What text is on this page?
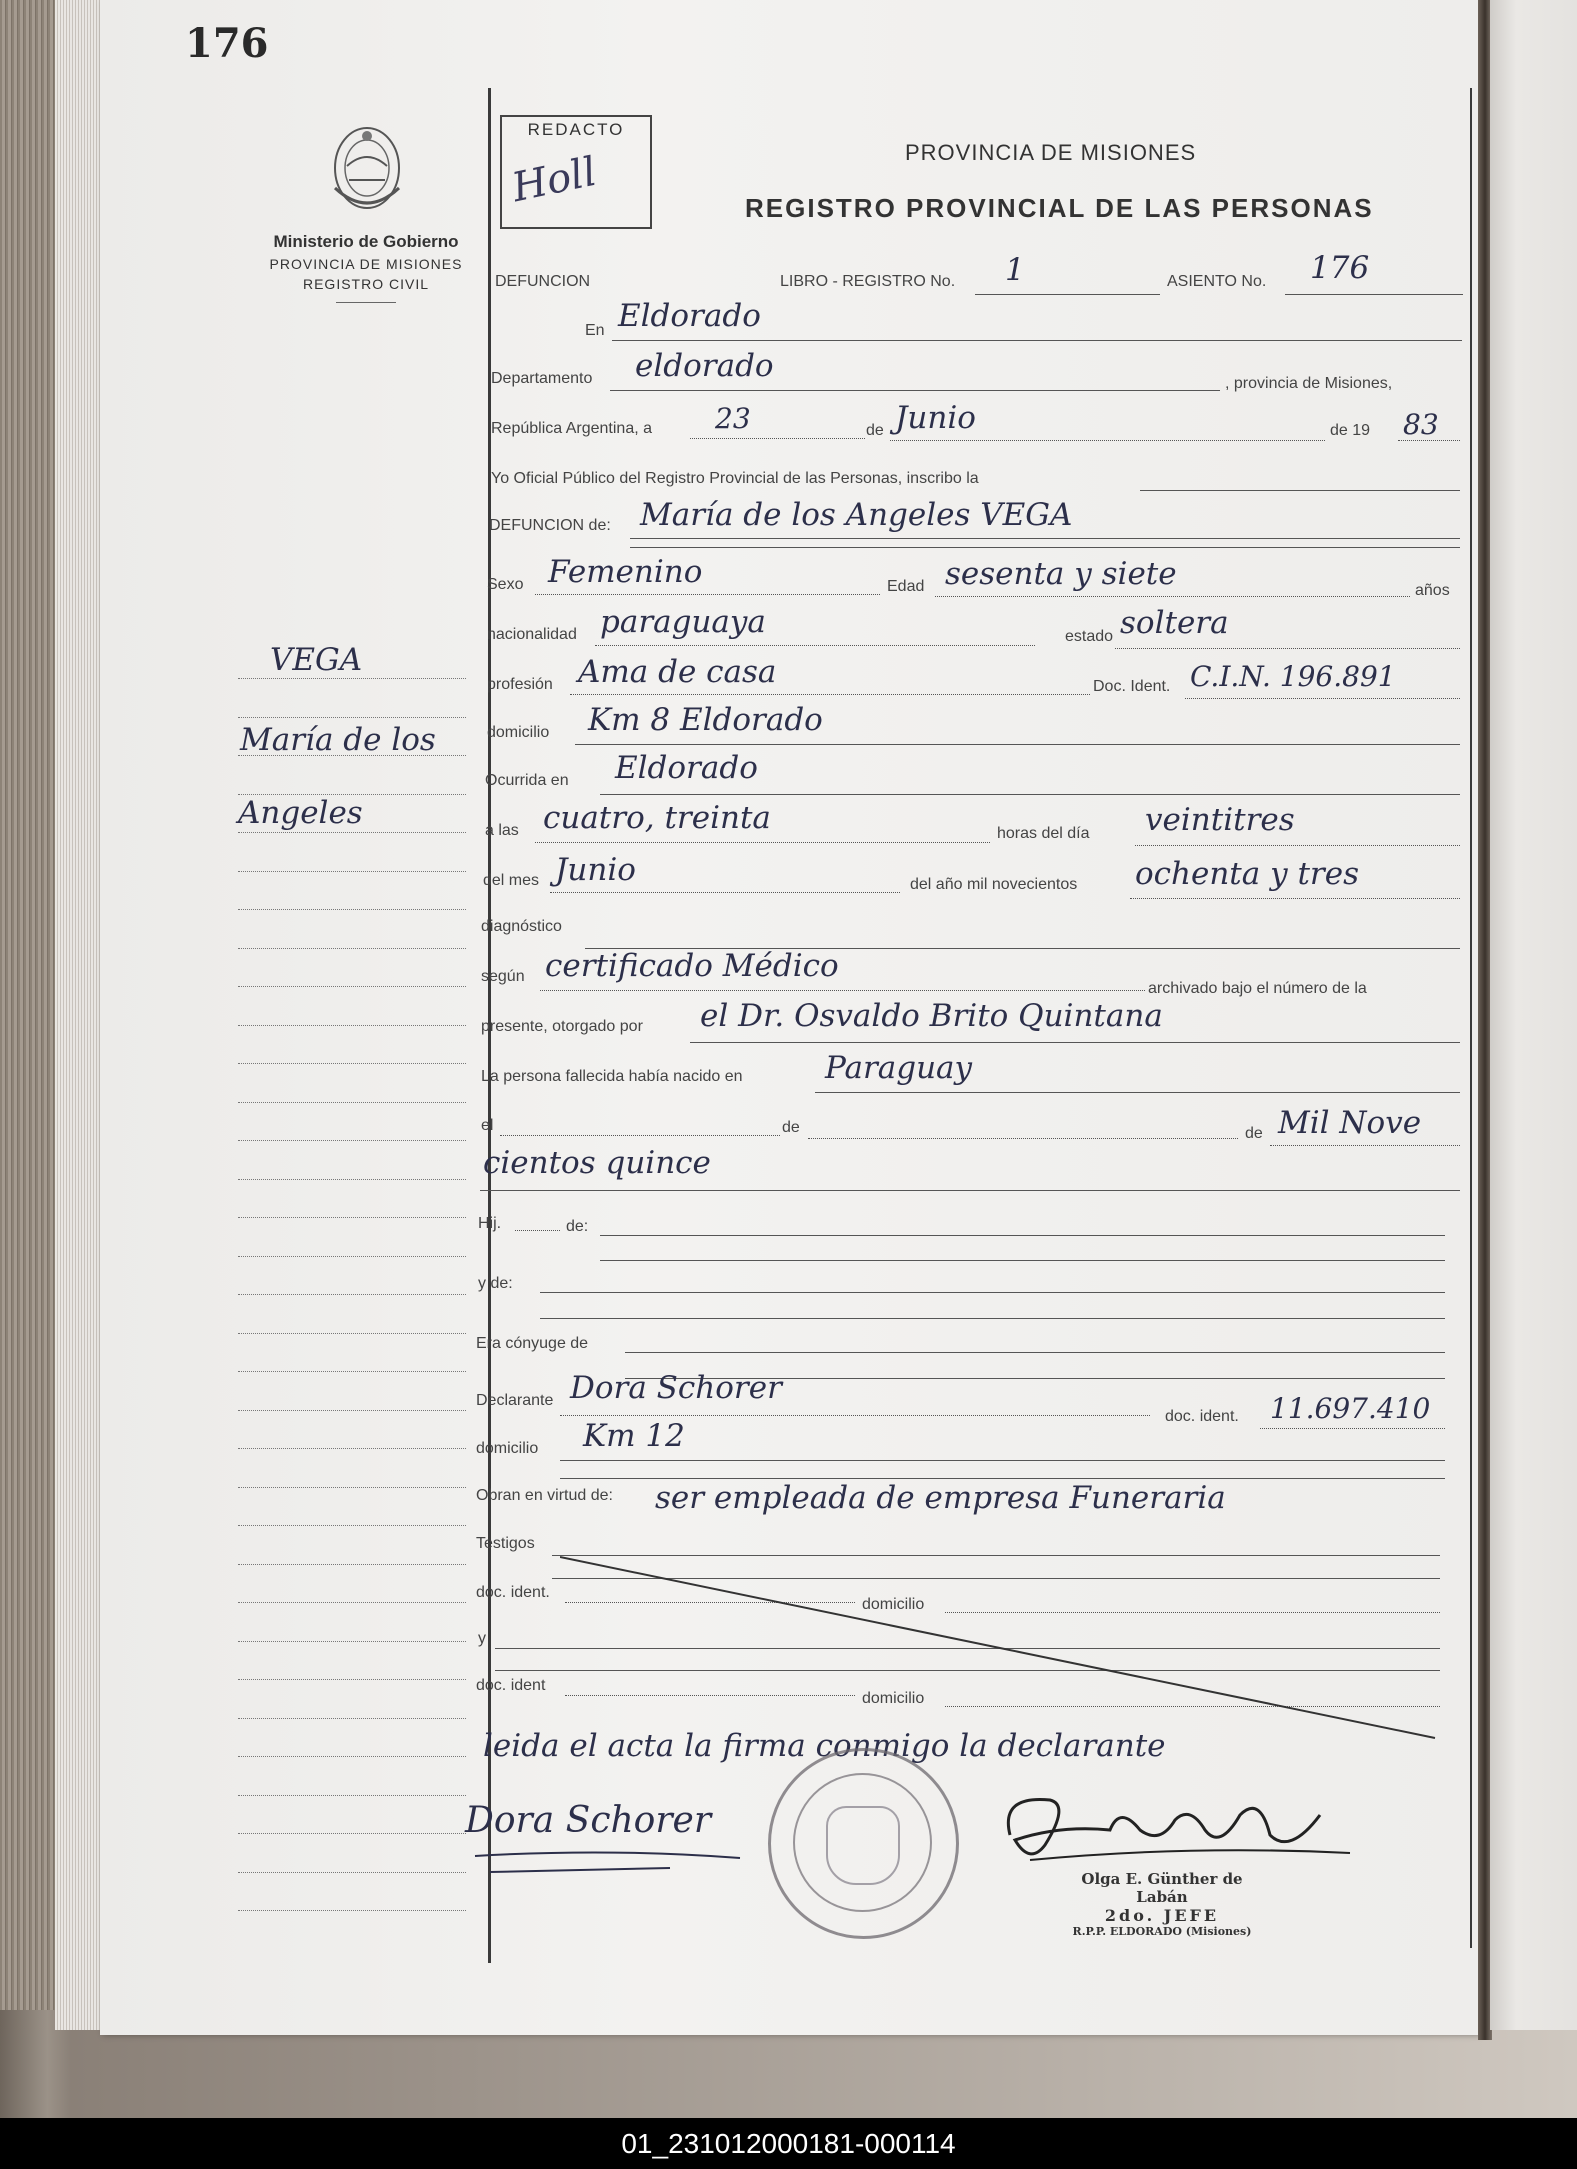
176
Ministerio de Gobierno
PROVINCIA DE MISIONES
REGISTRO CIVIL
REDACTO
Holl	PROVINCIA DE MISIONES
REGISTRO PROVINCIAL DE LAS PERSONAS
DEFUNCION	LIBRO - REGISTRO No. 1	ASIENTO No. 176
En Eldorado
Departamento eldorado	, provincia de Misiones,
República Argentina, a 23	de Junio	de 19 83
Yo Oficial Público del Registro Provincial de las Personas, inscribo la
DEFUNCION de: María de los Angeles VEGA
Sexo Femenino	Edad sesenta y siete	años
nacionalidad paraguaya	estado soltera
profesión Ama de casa	Doc. Ident. C.I.N. 196.891
domicilio Km 8 Eldorado
Ocurrida en Eldorado
a las cuatro, treinta	horas del día veintitres
del mes Junio	del año mil novecientos ochenta y tres
diagnóstico
según certificado Médico
archivado bajo el número de la
presente, otorgado por el Dr. Osvaldo Brito Quintana
La persona fallecida había nacido en	Paraguay
el	de	de Mil Nove
cientos quince
Hij.	de:
y de:
Era cónyuge de
Declarante Dora Schorer
doc. ident. 11.697.410
domicilio Km 12
Obran en virtud de: ser empleada de empresa Funeraria
Testigos
doc. ident.
domicilio
y
doc. ident
domicilio
leida el acta la firma conmigo la declarante
Dora Schorer
Olga E. Günther de Labán
2do. JEFE
R.P.P. ELDORADO (Misiones)
VEGA
María de los
Angeles
01_231012000181-000114
